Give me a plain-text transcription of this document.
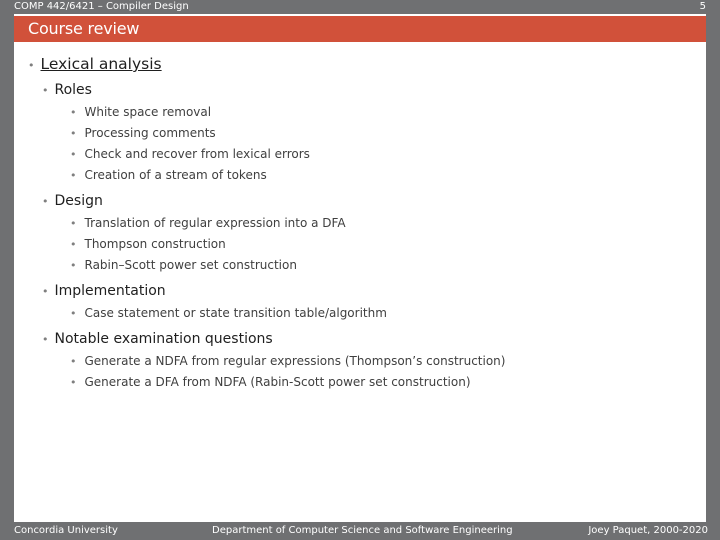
COMP 442/6421 – Compiler Design	5
Course review
• Lexical analysis
• Roles
• White space removal
• Processing comments
• Check and recover from lexical errors
• Creation of a stream of tokens
• Design
• Translation of regular expression into a DFA
• Thompson construction
• Rabin–Scott power set construction
• Implementation
• Case statement or state transition table/algorithm
• Notable examination questions
• Generate a NDFA from regular expressions (Thompson’s construction)
• Generate a DFA from NDFA (Rabin-Scott power set construction)
Concordia University	Department of Computer Science and Software Engineering	Joey Paquet, 2000-2020
